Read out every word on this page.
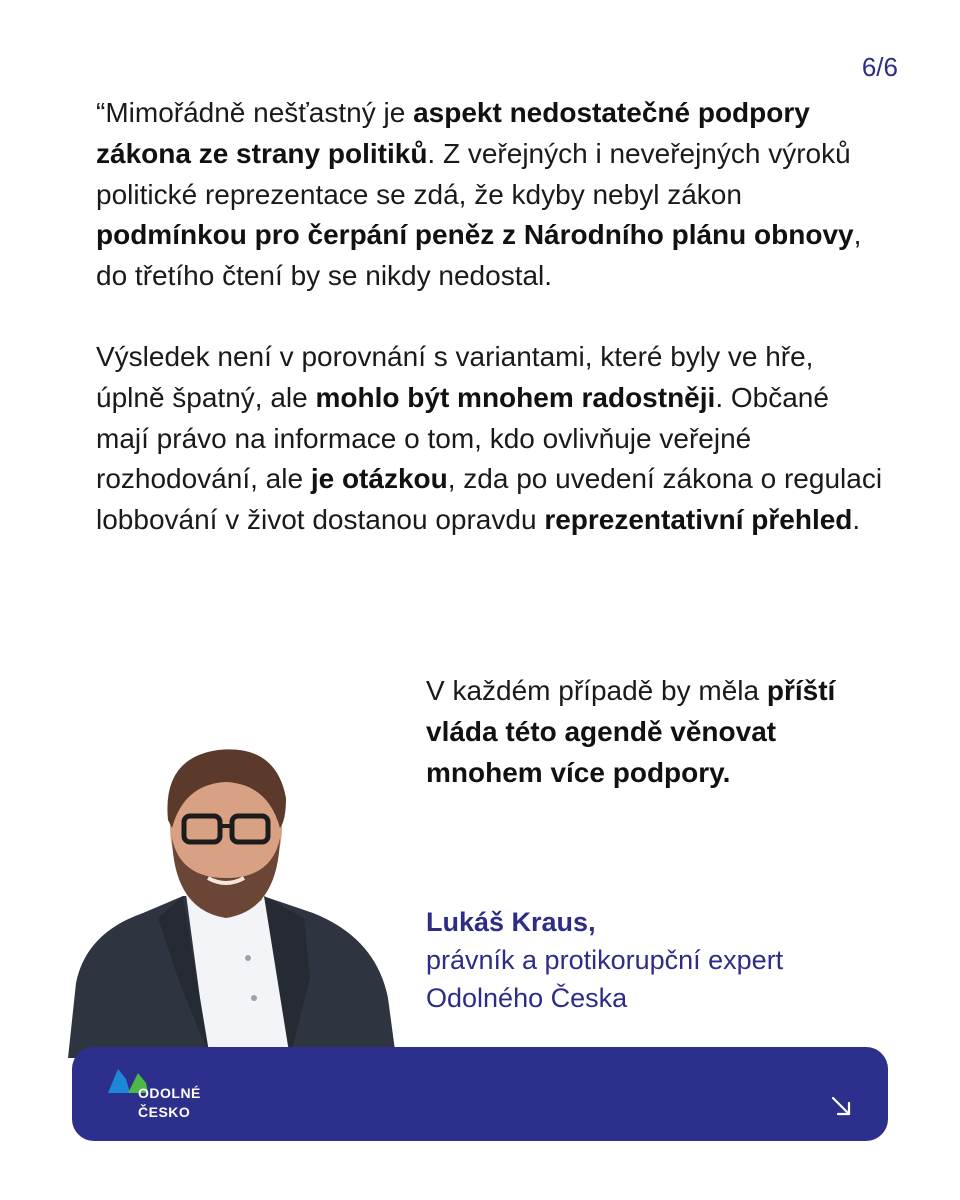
6/6

“Mimořádně nešťastný je aspekt nedostatečné podpory zákona ze strany politiků. Z veřejných i neveřejných výroků politické reprezentace se zdá, že kdyby nebyl zákon podmínkou pro čerpání peněz z Národního plánu obnovy, do třetího čtení by se nikdy nedostal.

Výsledek není v porovnání s variantami, které byly ve hře, úplně špatný, ale mohlo být mnohem radostněji. Občané mají právo na informace o tom, kdo ovlivňuje veřejné rozhodování, ale je otázkou, zda po uvedení zákona o regulaci lobbování v život dostanou opravdu reprezentativní přehled.

V každém případě by měla příští vláda této agendě věnovat mnohem více podpory.
Lukáš Kraus,
právník a protikorupční expert
Odolného Česka
ODOLNÉ
ČESKO
